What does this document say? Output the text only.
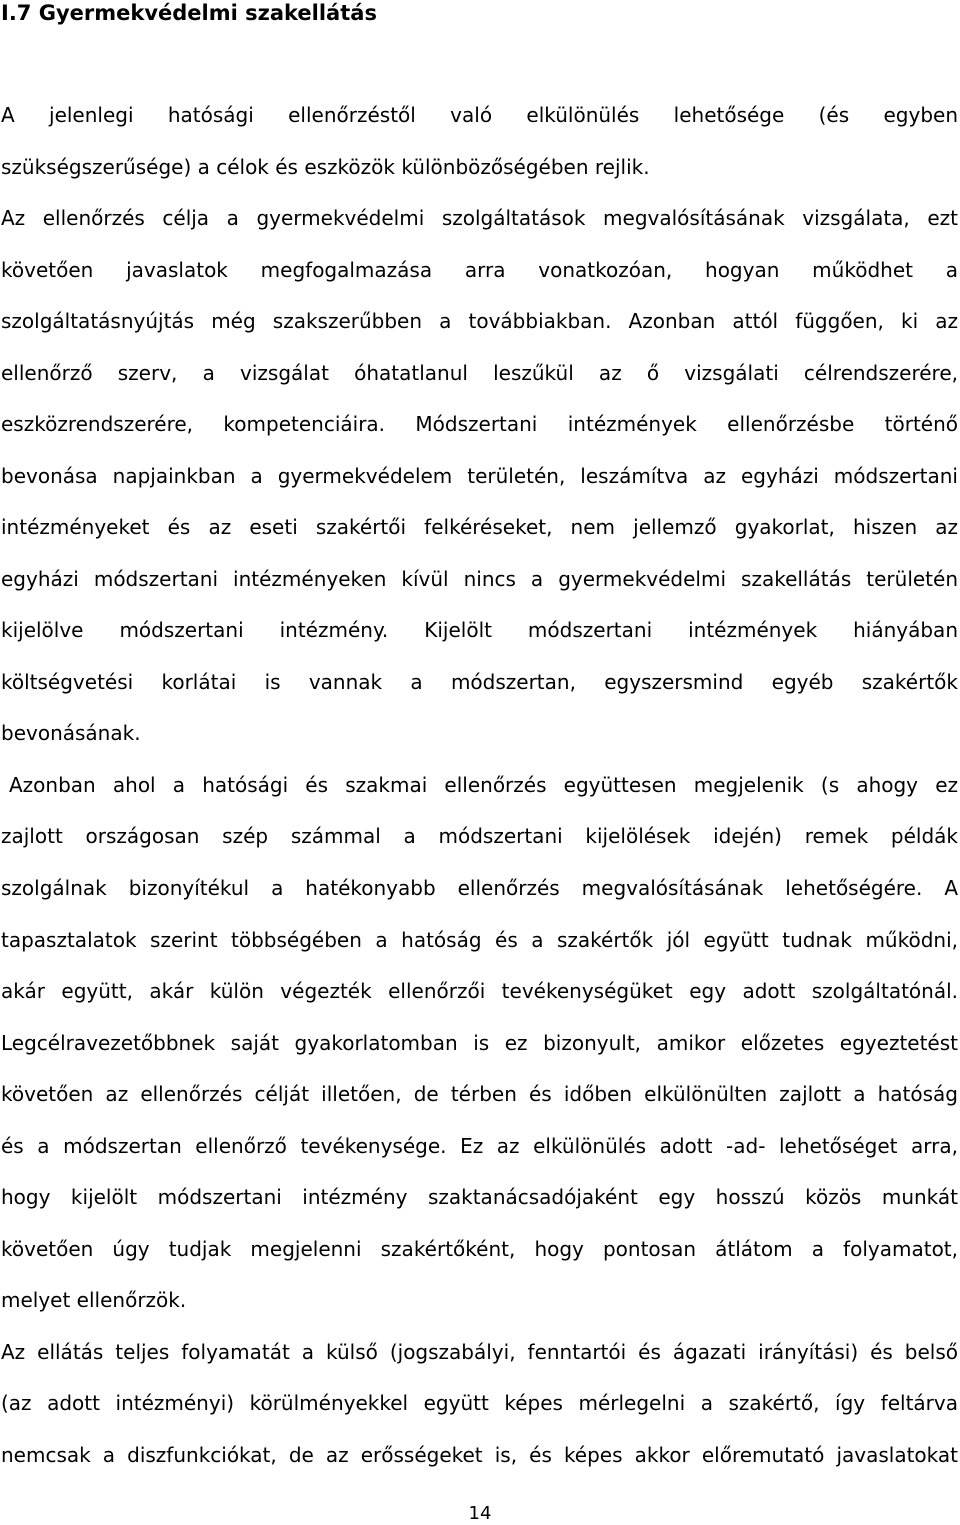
I.7 Gyermekvédelmi szakellátás
A jelenlegi hatósági ellenőrzéstől való elkülönülés lehetősége (és egyben
szükségszerűsége) a célok és eszközök különbözőségében rejlik.
Az ellenőrzés célja a gyermekvédelmi szolgáltatások megvalósításának vizsgálata, ezt
követően javaslatok megfogalmazása arra vonatkozóan, hogyan működhet a
szolgáltatásnyújtás még szakszerűbben a továbbiakban. Azonban attól függően, ki az
ellenőrző szerv, a vizsgálat óhatatlanul leszűkül az ő vizsgálati célrendszerére,
eszközrendszerére, kompetenciáira. Módszertani intézmények ellenőrzésbe történő
bevonása napjainkban a gyermekvédelem területén, leszámítva az egyházi módszertani
intézményeket és az eseti szakértői felkéréseket, nem jellemző gyakorlat, hiszen az
egyházi módszertani intézményeken kívül nincs a gyermekvédelmi szakellátás területén
kijelölve módszertani intézmény. Kijelölt módszertani intézmények hiányában
költségvetési korlátai is vannak a módszertan, egyszersmind egyéb szakértők
bevonásának.
Azonban ahol a hatósági és szakmai ellenőrzés együttesen megjelenik (s ahogy ez
zajlott országosan szép számmal a módszertani kijelölések idején) remek példák
szolgálnak bizonyítékul a hatékonyabb ellenőrzés megvalósításának lehetőségére. A
tapasztalatok szerint többségében a hatóság és a szakértők jól együtt tudnak működni,
akár együtt, akár külön végezték ellenőrzői tevékenységüket egy adott szolgáltatónál.
Legcélravezetőbbnek saját gyakorlatomban is ez bizonyult, amikor előzetes egyeztetést
követően az ellenőrzés célját illetően, de térben és időben elkülönülten zajlott a hatóság
és a módszertan ellenőrző tevékenysége. Ez az elkülönülés adott -ad- lehetőséget arra,
hogy kijelölt módszertani intézmény szaktanácsadójaként egy hosszú közös munkát
követően úgy tudjak megjelenni szakértőként, hogy pontosan átlátom a folyamatot,
melyet ellenőrzök.
Az ellátás teljes folyamatát a külső (jogszabályi, fenntartói és ágazati irányítási) és belső
(az adott intézményi) körülményekkel együtt képes mérlegelni a szakértő, így feltárva
nemcsak a diszfunkciókat, de az erősségeket is, és képes akkor előremutató javaslatokat
14
